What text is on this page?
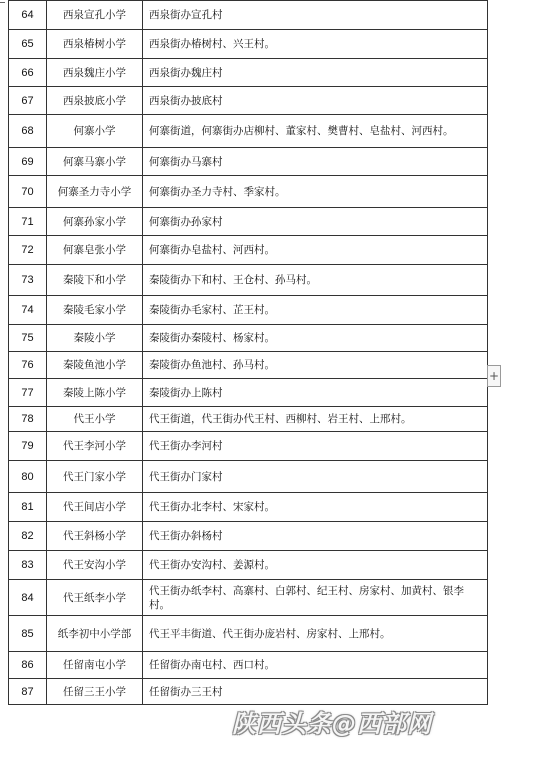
64	西泉宣孔小学	西泉街办宣孔村
65	西泉椿树小学	西泉街办椿树村、兴王村。
66	西泉魏庄小学	西泉街办魏庄村
67	西泉披底小学	西泉街办披底村
68	何寨小学	何寨街道，何寨街办店柳村、董家村、樊曹村、皂盐村、河西村。
69	何寨马寨小学	何寨街办马寨村
70	何寨圣力寺小学	何寨街办圣力寺村、季家村。
71	何寨孙家小学	何寨街办孙家村
72	何寨皂张小学	何寨街办皂盐村、河西村。
73	秦陵下和小学	秦陵街办下和村、王仓村、孙马村。
74	秦陵毛家小学	秦陵街办毛家村、芷王村。
75	秦陵小学	秦陵街办秦陵村、杨家村。
76	秦陵鱼池小学	秦陵街办鱼池村、孙马村。
77	秦陵上陈小学	秦陵街办上陈村
78	代王小学	代王街道，代王街办代王村、西柳村、岩王村、上邢村。
79	代王李河小学	代王街办李河村
80	代王门家小学	代王街办门家村
81	代王间店小学	代王街办北李村、宋家村。
82	代王斜杨小学	代王街办斜杨村
83	代王安沟小学	代王街办安沟村、姜源村。
84	代王纸李小学	代王街办纸李村、高寨村、白郭村、纪王村、房家村、加黄村、银李村。
85	纸李初中小学部	代王平丰街道、代王街办庞岩村、房家村、上邢村。
86	任留南屯小学	任留街办南屯村、西口村。
87	任留三王小学	任留街办三王村
+
陕西头条@西部网
